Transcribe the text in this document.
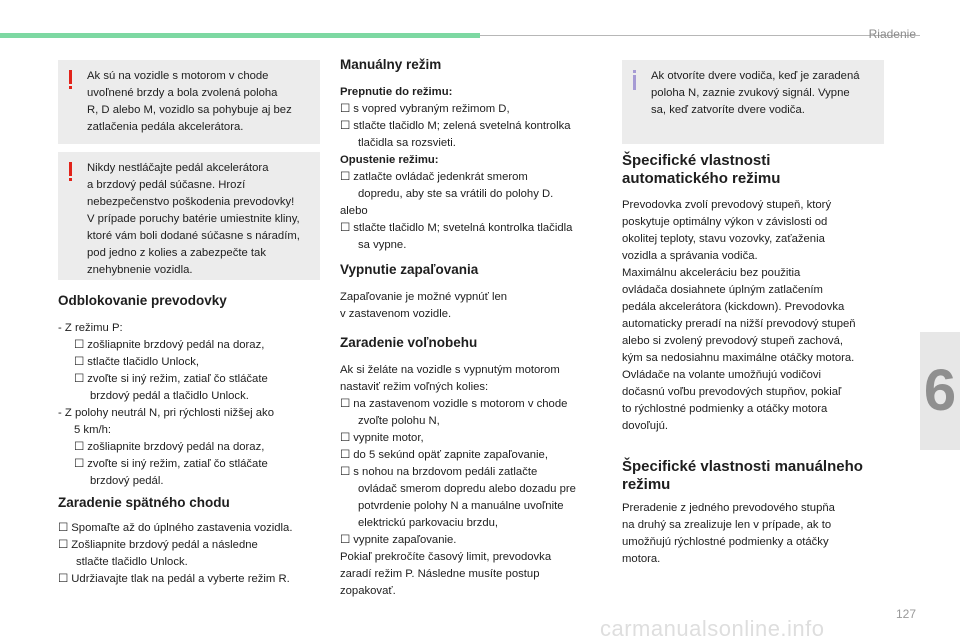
Riadenie
6

Ak sú na vozidle s motorom v chode
uvoľnené brzdy a bola zvolená poloha
R, D alebo M, vozidlo sa pohybuje aj bez
zatlačenia pedála akcelerátora.

Nikdy nestláčajte pedál akcelerátora
a brzdový pedál súčasne. Hrozí
nebezpečenstvo poškodenia prevodovky!
V prípade poruchy batérie umiestnite kliny,
ktoré vám boli dodané súčasne s náradím,
pod jedno z kolies a zabezpečte tak
znehybnenie vozidla.

Odblokovanie prevodovky
- Z režimu P:
☐ zošliapnite brzdový pedál na doraz,
☐ stlačte tlačidlo Unlock,
☐ zvoľte si iný režim, zatiaľ čo stláčate
brzdový pedál a tlačidlo Unlock.
- Z polohy neutrál N, pri rýchlosti nižšej ako
5 km/h:
☐ zošliapnite brzdový pedál na doraz,
☐ zvoľte si iný režim, zatiaľ čo stláčate
brzdový pedál.
Zaradenie spätného chodu
☐ Spomaľte až do úplného zastavenia vozidla.
☐ Zošliapnite brzdový pedál a následne
stlačte tlačidlo Unlock.
☐ Udržiavajte tlak na pedál a vyberte režim R.
Manuálny režim
Prepnutie do režimu:
☐ s vopred vybraným režimom D,
☐ stlačte tlačidlo M; zelená svetelná kontrolka
tlačidla sa rozsvieti.
Opustenie režimu:
☐ zatlačte ovládač jedenkrát smerom
dopredu, aby ste sa vrátili do polohy D.
alebo
☐ stlačte tlačidlo M; svetelná kontrolka tlačidla
sa vypne.
Vypnutie zapaľovania
Zapaľovanie je možné vypnúť len
v zastavenom vozidle.
Zaradenie voľnobehu
Ak si želáte na vozidle s vypnutým motorom
nastaviť režim voľných kolies:
☐ na zastavenom vozidle s motorom v chode
zvoľte polohu N,
☐ vypnite motor,
☐ do 5 sekúnd opäť zapnite zapaľovanie,
☐ s nohou na brzdovom pedáli zatlačte
ovládač smerom dopredu alebo dozadu pre
potvrdenie polohy N a manuálne uvoľnite
elektrickú parkovaciu brzdu,
☐ vypnite zapaľovanie.
Pokiaľ prekročíte časový limit, prevodovka
zaradí režim P. Následne musíte postup
zopakovať.

Ak otvoríte dvere vodiča, keď je zaradená
poloha N, zaznie zvukový signál. Vypne
sa, keď zatvoríte dvere vodiča.

Špecifické vlastnosti
automatického režimu
Prevodovka zvolí prevodový stupeň, ktorý
poskytuje optimálny výkon v závislosti od
okolitej teploty, stavu vozovky, zaťaženia
vozidla a správania vodiča.
Maximálnu akceleráciu bez použitia
ovládača dosiahnete úplným zatlačením
pedála akcelerátora (kickdown). Prevodovka
automaticky preradí na nižší prevodový stupeň
alebo si zvolený prevodový stupeň zachová,
kým sa nedosiahnu maximálne otáčky motora.
Ovládače na volante umožňujú vodičovi
dočasnú voľbu prevodových stupňov, pokiaľ
to rýchlostné podmienky a otáčky motora
dovoľujú.
Špecifické vlastnosti manuálneho
režimu
Preradenie z jedného prevodového stupňa
na druhý sa zrealizuje len v prípade, ak to
umožňujú rýchlostné podmienky a otáčky
motora.
127
carmanualsonline.info
